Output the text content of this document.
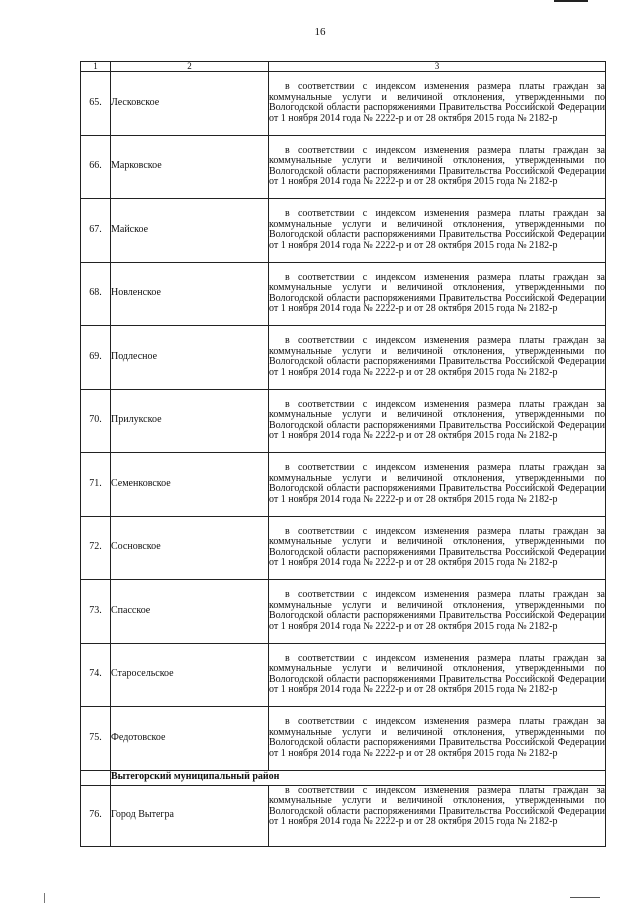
16
1	2	3
65.	Лесковское	в соответствии с индексом изменения размера платы граждан за коммунальные услуги и величиной отклонения, утвержденными по Вологодской области распоряжениями Правительства Российской Федерации от 1 ноября 2014 года № 2222-р и от 28 октября 2015 года № 2182-р

66.	Марковское	в соответствии с индексом изменения размера платы граждан за коммунальные услуги и величиной отклонения, утвержденными по Вологодской области распоряжениями Правительства Российской Федерации от 1 ноября 2014 года № 2222-р и от 28 октября 2015 года № 2182-р

67.	Майское	в соответствии с индексом изменения размера платы граждан за коммунальные услуги и величиной отклонения, утвержденными по Вологодской области распоряжениями Правительства Российской Федерации от 1 ноября 2014 года № 2222-р и от 28 октября 2015 года № 2182-р

68.	Новленское	в соответствии с индексом изменения размера платы граждан за коммунальные услуги и величиной отклонения, утвержденными по Вологодской области распоряжениями Правительства Российской Федерации от 1 ноября 2014 года № 2222-р и от 28 октября 2015 года № 2182-р

69.	Подлесное	в соответствии с индексом изменения размера платы граждан за коммунальные услуги и величиной отклонения, утвержденными по Вологодской области распоряжениями Правительства Российской Федерации от 1 ноября 2014 года № 2222-р и от 28 октября 2015 года № 2182-р

70.	Прилукское	в соответствии с индексом изменения размера платы граждан за коммунальные услуги и величиной отклонения, утвержденными по Вологодской области распоряжениями Правительства Российской Федерации от 1 ноября 2014 года № 2222-р и от 28 октября 2015 года № 2182-р

71.	Семенковское	в соответствии с индексом изменения размера платы граждан за коммунальные услуги и величиной отклонения, утвержденными по Вологодской области распоряжениями Правительства Российской Федерации от 1 ноября 2014 года № 2222-р и от 28 октября 2015 года № 2182-р

72.	Сосновское	в соответствии с индексом изменения размера платы граждан за коммунальные услуги и величиной отклонения, утвержденными по Вологодской области распоряжениями Правительства Российской Федерации от 1 ноября 2014 года № 2222-р и от 28 октября 2015 года № 2182-р

73.	Спасское	в соответствии с индексом изменения размера платы граждан за коммунальные услуги и величиной отклонения, утвержденными по Вологодской области распоряжениями Правительства Российской Федерации от 1 ноября 2014 года № 2222-р и от 28 октября 2015 года № 2182-р

74.	Старосельское	в соответствии с индексом изменения размера платы граждан за коммунальные услуги и величиной отклонения, утвержденными по Вологодской области распоряжениями Правительства Российской Федерации от 1 ноября 2014 года № 2222-р и от 28 октября 2015 года № 2182-р

75.	Федотовское	в соответствии с индексом изменения размера платы граждан за коммунальные услуги и величиной отклонения, утвержденными по Вологодской области распоряжениями Правительства Российской Федерации от 1 ноября 2014 года № 2222-р и от 28 октября 2015 года № 2182-р

	Вытегорский муниципальный район	
76.	Город Вытегра	в соответствии с индексом изменения размера платы граждан за коммунальные услуги и величиной отклонения, утвержденными по Вологодской области распоряжениями Правительства Российской Федерации от 1 ноября 2014 года № 2222-р и от 28 октября 2015 года № 2182-р
